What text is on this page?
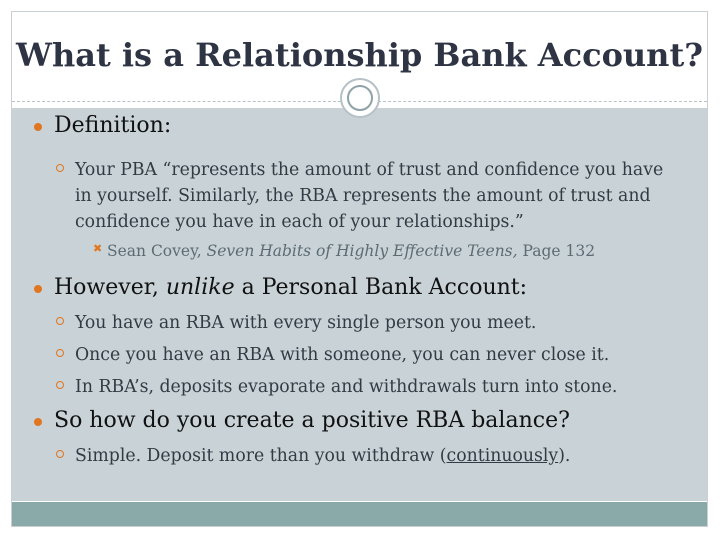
What is a Relationship Bank Account?
Definition:
Your PBA “represents the amount of trust and confidence you have in yourself. Similarly, the RBA represents the amount of trust and confidence you have in each of your relationships.”
✖ Sean Covey, Seven Habits of Highly Effective Teens, Page 132
However, unlike a Personal Bank Account:
You have an RBA with every single person you meet.
Once you have an RBA with someone, you can never close it.
In RBA’s, deposits evaporate and withdrawals turn into stone.
So how do you create a positive RBA balance?
Simple. Deposit more than you withdraw (continuously).
